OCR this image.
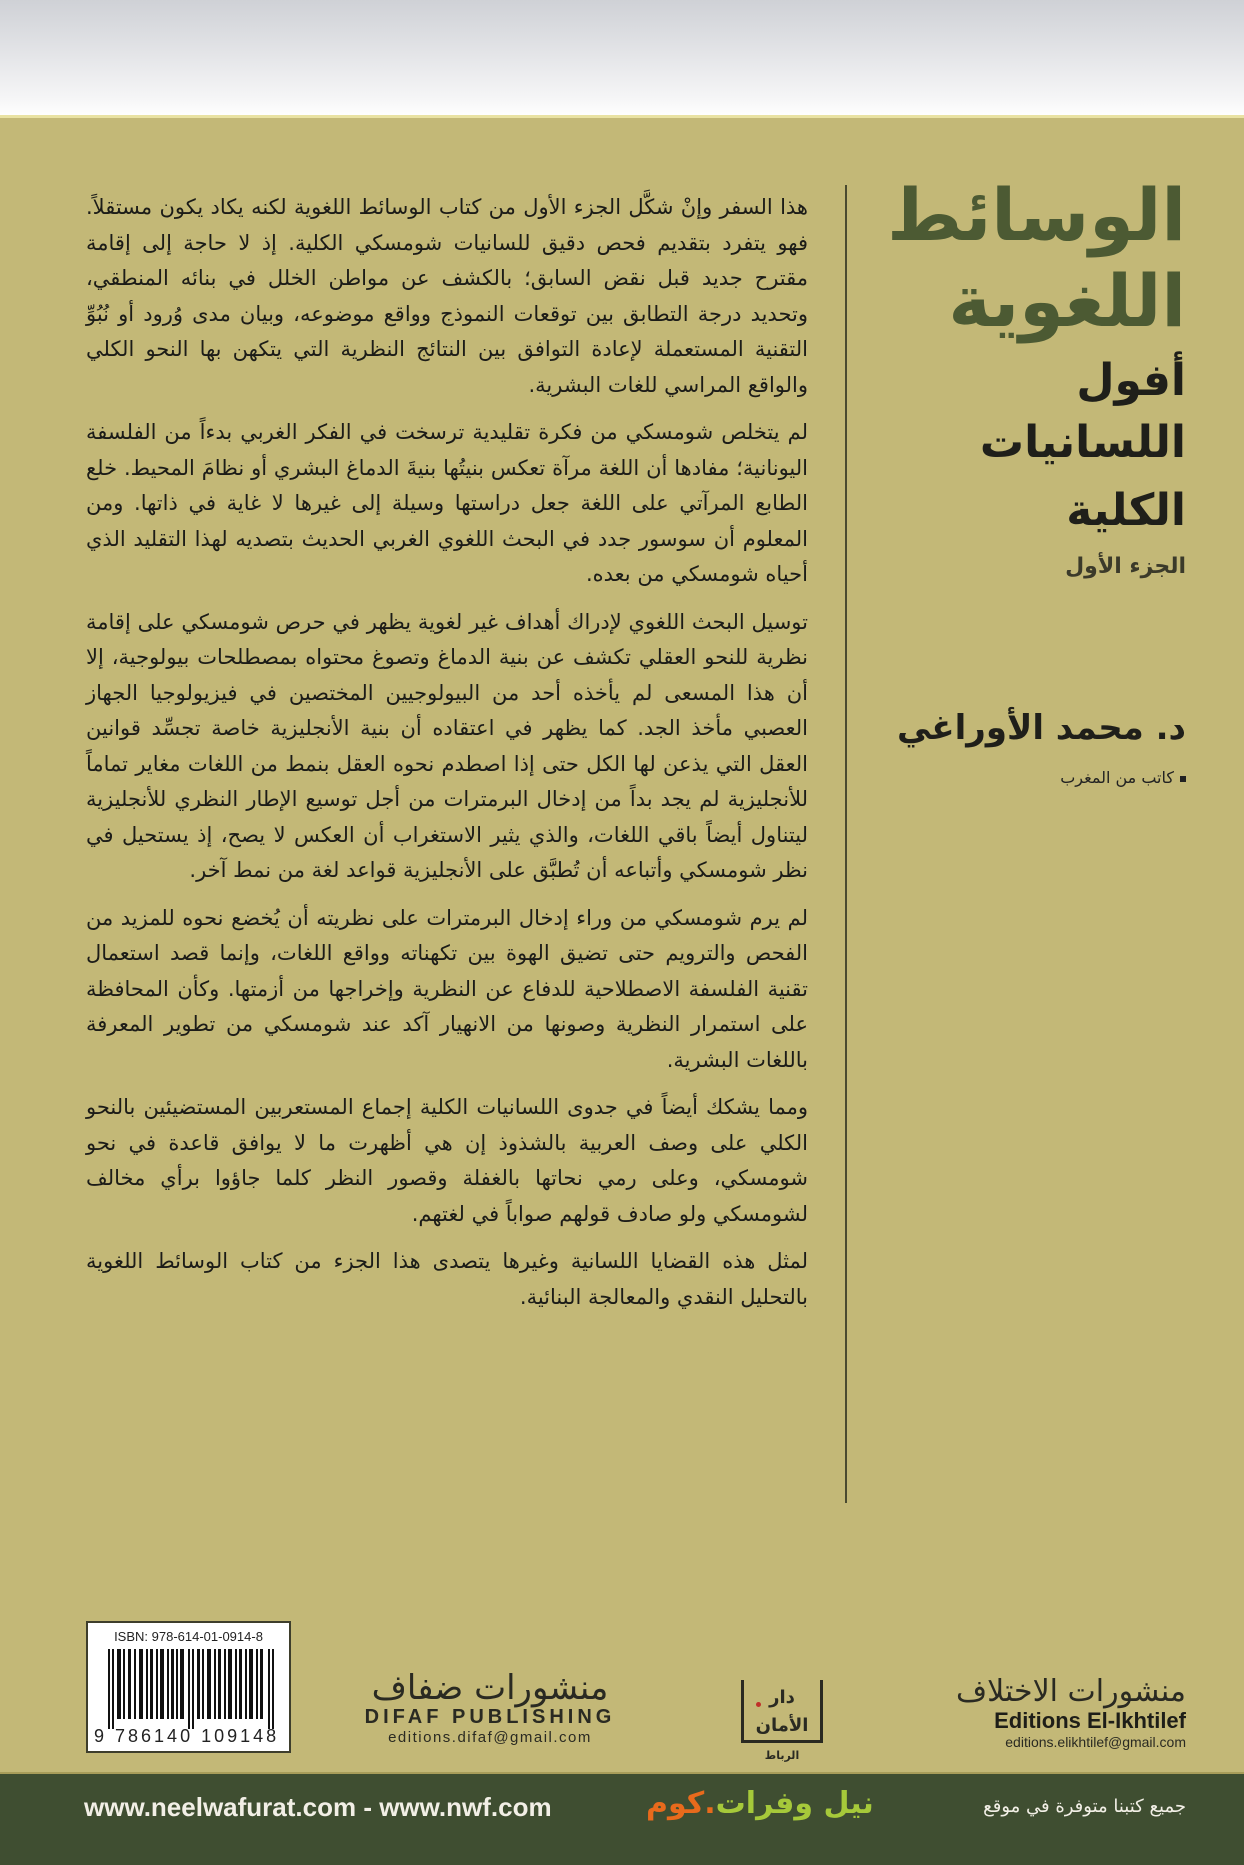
الوسائط
اللغوية
أفول اللسانيات
الكلية
الجزء الأول
د. محمد الأوراغي
كاتب من المغرب

هذا السفر وإنْ شكَّل الجزء الأول من كتاب الوسائط اللغوية لكنه يكاد يكون مستقلاً. فهو يتفرد بتقديم فحص دقيق للسانيات شومسكي الكلية. إذ لا حاجة إلى إقامة مقترح جديد قبل نقض السابق؛ بالكشف عن مواطن الخلل في بنائه المنطقي، وتحديد درجة التطابق بين توقعات النموذج وواقع موضوعه، وبيان مدى وُرود أو نُبُوِّ التقنية المستعملة لإعادة التوافق بين النتائج النظرية التي يتكهن بها النحو الكلي والواقع المراسي للغات البشرية.

لم يتخلص شومسكي من فكرة تقليدية ترسخت في الفكر الغربي بدءاً من الفلسفة اليونانية؛ مفادها أن اللغة مرآة تعكس بنيتُها بنيةَ الدماغ البشري أو نظامَ المحيط. خلع الطابع المرآتي على اللغة جعل دراستها وسيلة إلى غيرها لا غاية في ذاتها. ومن المعلوم أن سوسور جدد في البحث اللغوي الغربي الحديث بتصديه لهذا التقليد الذي أحياه شومسكي من بعده.

توسيل البحث اللغوي لإدراك أهداف غير لغوية يظهر في حرص شومسكي على إقامة نظرية للنحو العقلي تكشف عن بنية الدماغ وتصوغ محتواه بمصطلحات بيولوجية، إلا أن هذا المسعى لم يأخذه أحد من البيولوجيين المختصين في فيزيولوجيا الجهاز العصبي مأخذ الجد. كما يظهر في اعتقاده أن بنية الأنجليزية خاصة تجسِّد قوانين العقل التي يذعن لها الكل حتى إذا اصطدم نحوه العقل بنمط من اللغات مغاير تماماً للأنجليزية لم يجد بداً من إدخال البرمترات من أجل توسيع الإطار النظري للأنجليزية ليتناول أيضاً باقي اللغات، والذي يثير الاستغراب أن العكس لا يصح، إذ يستحيل في نظر شومسكي وأتباعه أن تُطبَّق على الأنجليزية قواعد لغة من نمط آخر.

لم يرم شومسكي من وراء إدخال البرمترات على نظريته أن يُخضع نحوه للمزيد من الفحص والترويم حتى تضيق الهوة بين تكهناته وواقع اللغات، وإنما قصد استعمال تقنية الفلسفة الاصطلاحية للدفاع عن النظرية وإخراجها من أزمتها. وكأن المحافظة على استمرار النظرية وصونها من الانهيار آكد عند شومسكي من تطوير المعرفة باللغات البشرية.

ومما يشكك أيضاً في جدوى اللسانيات الكلية إجماع المستعربين المستضيئين بالنحو الكلي على وصف العربية بالشذوذ إن هي أظهرت ما لا يوافق قاعدة في نحو شومسكي، وعلى رمي نحاتها بالغفلة وقصور النظر كلما جاؤوا برأي مخالف لشومسكي ولو صادف قولهم صواباً في لغتهم.

لمثل هذه القضايا اللسانية وغيرها يتصدى هذا الجزء من كتاب الوسائط اللغوية بالتحليل النقدي والمعالجة البنائية.

ISBN: 978-614-01-0914-8
9 786140 109148
منشورات ضفاف
DIFAF PUBLISHING
editions.difaf@gmail.com
دار الأمان
الرباط
منشورات الاختلاف
Editions El-Ikhtilef
editions.elikhtilef@gmail.com
www.neelwafurat.com - www.nwf.com	نيل وفرات.كوم	جميع كتبنا متوفرة في موقع
